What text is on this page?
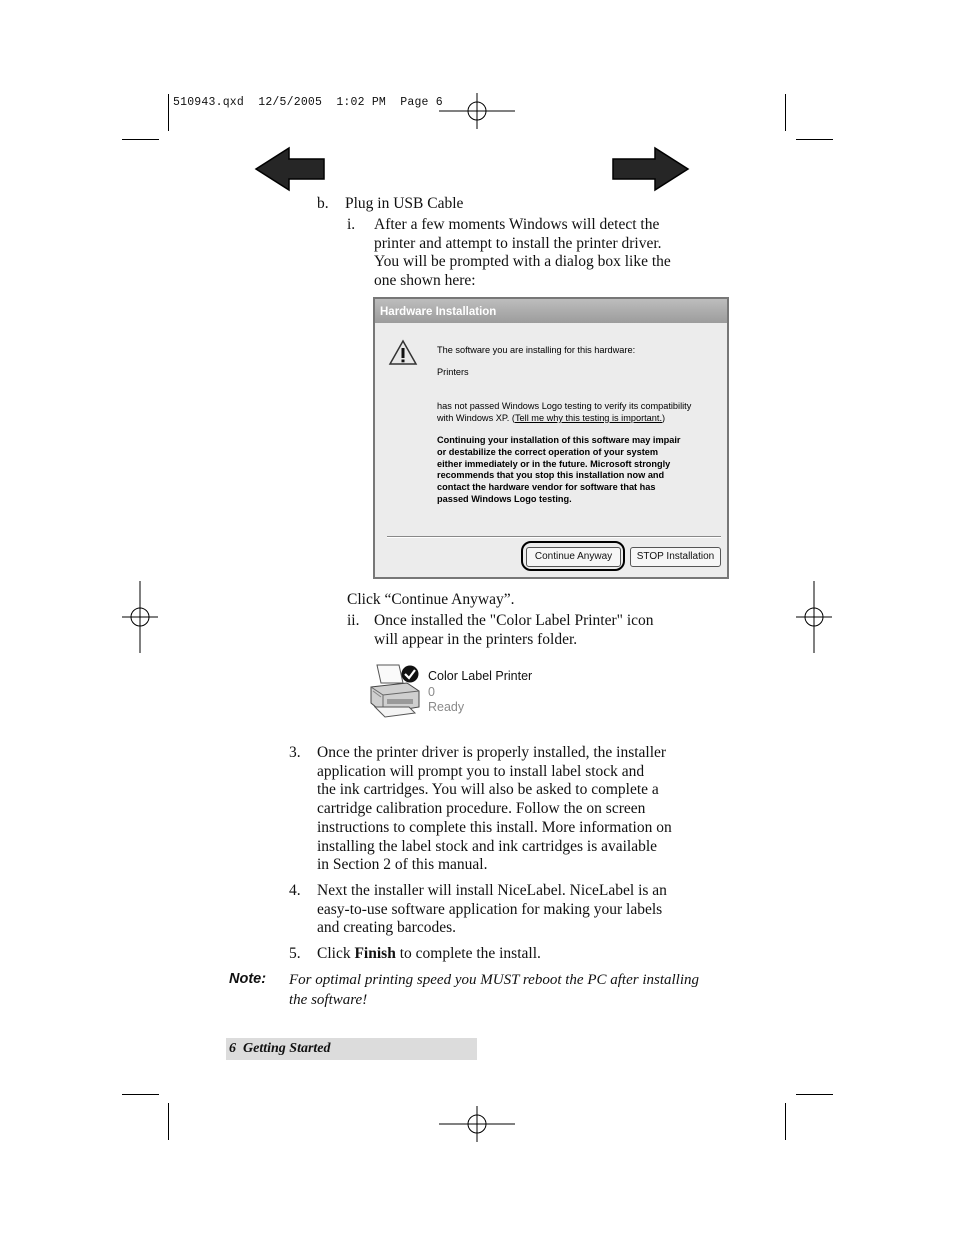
510943.qxd  12/5/2005  1:02 PM  Page 6
b. Plug in USB Cable
i. After a few moments Windows will detect the
printer and attempt to install the printer driver.
You will be prompted with a dialog box like the
one shown here:
Hardware Installation
The software you are installing for this hardware:
Printers
has not passed Windows Logo testing to verify its compatibility
with Windows XP. (Tell me why this testing is important.)
Continuing your installation of this software may impair
or destabilize the correct operation of your system
either immediately or in the future. Microsoft strongly
recommends that you stop this installation now and
contact the hardware vendor for software that has
passed Windows Logo testing.
Continue Anyway	STOP Installation
Click “Continue Anyway”.
ii. Once installed the "Color Label Printer" icon
will appear in the printers folder.
Color Label Printer
0
Ready
3. Once the printer driver is properly installed, the installer
application will prompt you to install label stock and
the ink cartridges. You will also be asked to complete a
cartridge calibration procedure. Follow the on screen
instructions to complete this install. More information on
installing the label stock and ink cartridges is available
in Section 2 of this manual.
4. Next the installer will install NiceLabel. NiceLabel is an
easy-to-use software application for making your labels
and creating barcodes.
5. Click Finish to complete the install.
Note: For optimal printing speed you MUST reboot the PC after installing
the software!
6  Getting Started
